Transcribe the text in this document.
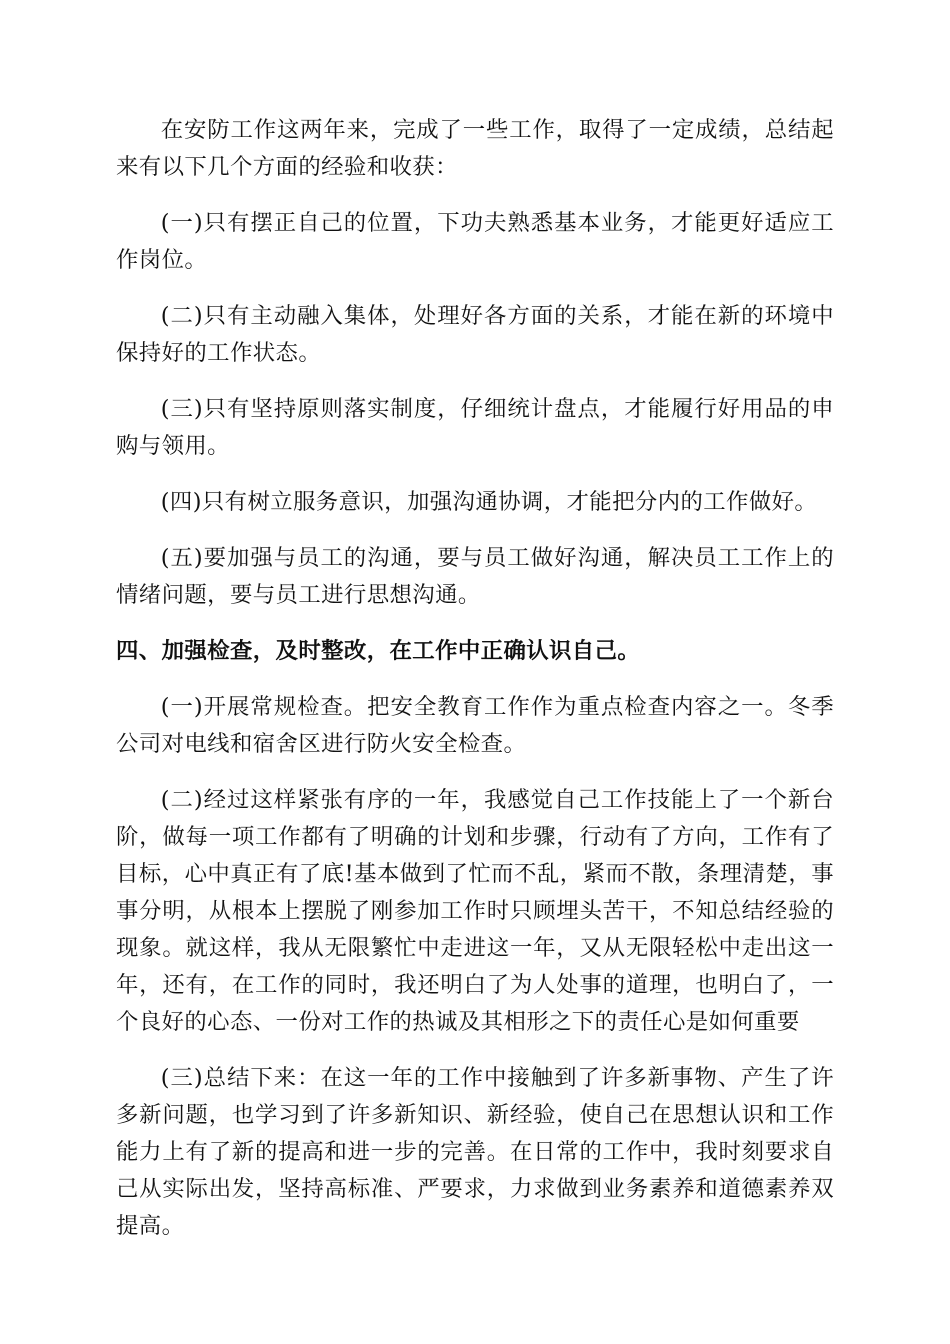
在安防工作这两年来，完成了一些工作，取得了一定成绩，总结起来有以下几个方面的经验和收获：

(一)只有摆正自己的位置，下功夫熟悉基本业务，才能更好适应工作岗位。

(二)只有主动融入集体，处理好各方面的关系，才能在新的环境中保持好的工作状态。

(三)只有坚持原则落实制度，仔细统计盘点，才能履行好用品的申购与领用。

(四)只有树立服务意识，加强沟通协调，才能把分内的工作做好。

(五)要加强与员工的沟通，要与员工做好沟通，解决员工工作上的情绪问题，要与员工进行思想沟通。

四、加强检查，及时整改，在工作中正确认识自己。

(一)开展常规检查。把安全教育工作作为重点检查内容之一。冬季公司对电线和宿舍区进行防火安全检查。

(二)经过这样紧张有序的一年，我感觉自己工作技能上了一个新台阶，做每一项工作都有了明确的计划和步骤，行动有了方向，工作有了目标，心中真正有了底!基本做到了忙而不乱，紧而不散，条理清楚，事事分明，从根本上摆脱了刚参加工作时只顾埋头苦干，不知总结经验的现象。就这样，我从无限繁忙中走进这一年，又从无限轻松中走出这一年，还有，在工作的同时，我还明白了为人处事的道理，也明白了，一个良好的心态、一份对工作的热诚及其相形之下的责任心是如何重要

(三)总结下来：在这一年的工作中接触到了许多新事物、产生了许多新问题，也学习到了许多新知识、新经验，使自己在思想认识和工作能力上有了新的提高和进一步的完善。在日常的工作中，我时刻要求自己从实际出发，坚持高标准、严要求，力求做到业务素养和道德素养双提高。
